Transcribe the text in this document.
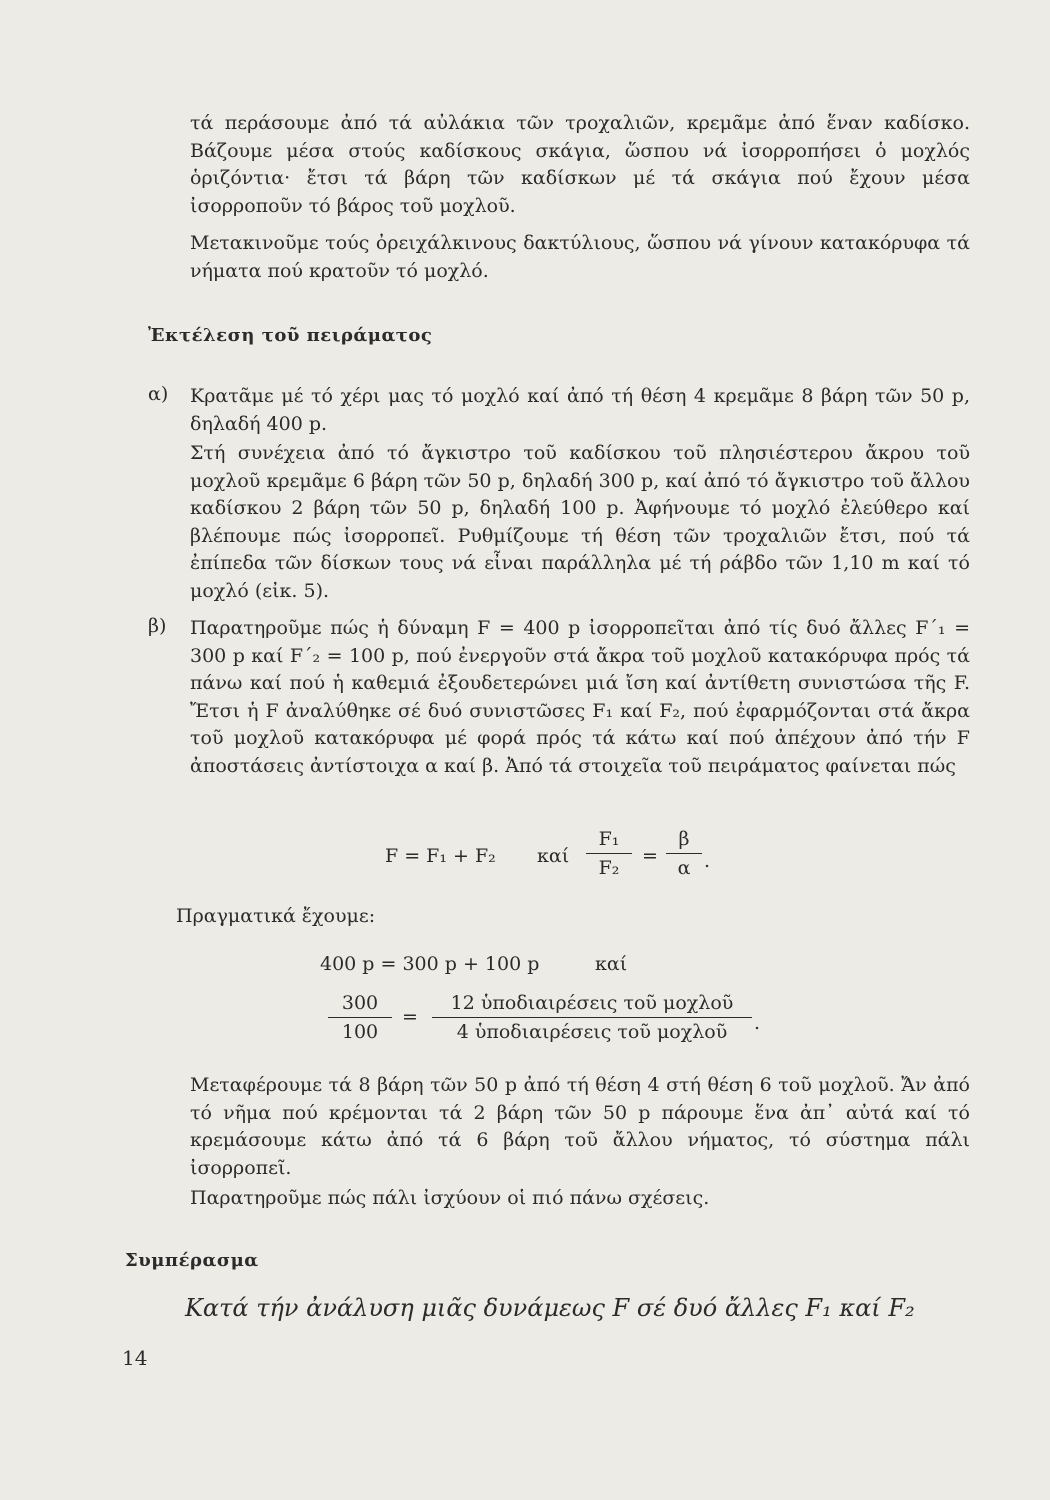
τά περάσουμε ἀπό τά αὐλάκια τῶν τροχαλιῶν, κρεμᾶμε ἀπό ἕναν καδίσκο. Βάζουμε μέσα στούς καδίσκους σκάγια, ὥσπου νά ἰσορροπήσει ὁ μοχλός ὁριζόντια· ἔτσι τά βάρη τῶν καδίσκων μέ τά σκάγια πού ἔχουν μέσα ἰσορροποῦν τό βάρος τοῦ μοχλοῦ.
Μετακινοῦμε τούς ὀρειχάλκινους δακτύλιους, ὥσπου νά γίνουν κατακόρυφα τά νήματα πού κρατοῦν τό μοχλό.
Ἐκτέλεση τοῦ πειράματος
α) Κρατᾶμε μέ τό χέρι μας τό μοχλό καί ἀπό τή θέση 4 κρεμᾶμε 8 βάρη τῶν 50 p, δηλαδή 400 p.
Στή συνέχεια ἀπό τό ἄγκιστρο τοῦ καδίσκου τοῦ πλησιέστερου ἄκρου τοῦ μοχλοῦ κρεμᾶμε 6 βάρη τῶν 50 p, δηλαδή 300 p, καί ἀπό τό ἄγκιστρο τοῦ ἄλλου καδίσκου 2 βάρη τῶν 50 p, δηλαδή 100 p. Ἀφήνουμε τό μοχλό ἐλεύθερο καί βλέπουμε πώς ἰσορροπεῖ. Ρυθμίζουμε τή θέση τῶν τροχαλιῶν ἔτσι, πού τά ἐπίπεδα τῶν δίσκων τους νά εἶναι παράλληλα μέ τή ράβδο τῶν 1,10 m καί τό μοχλό (εἰκ. 5).
β) Παρατηροῦμε πώς ἡ δύναμη F = 400 p ἰσορροπεῖται ἀπό τίς δυό ἄλλες F΄₁ = 300 p καί F΄₂ = 100 p, πού ἐνεργοῦν στά ἄκρα τοῦ μοχλοῦ κατακόρυφα πρός τά πάνω καί πού ἡ καθεμιά ἐξουδετερώνει μιά ἴση καί ἀντίθετη συνιστώσα τῆς F. Ἔτσι ἡ F ἀναλύθηκε σέ δυό συνιστῶσες F₁ καί F₂, πού ἐφαρμόζονται στά ἄκρα τοῦ μοχλοῦ κατακόρυφα μέ φορά πρός τά κάτω καί πού ἀπέχουν ἀπό τήν F ἀποστάσεις ἀντίστοιχα α καί β. Ἀπό τά στοιχεῖα τοῦ πειράματος φαίνεται πώς
F = F₁ + F₂ καί $\frac{\text{F₁}}{\text{F₂}} = \frac{\beta}{\alpha}$ .
Πραγματικά ἔχουμε:
400 p = 300 p + 100 p	καί
$\frac{300}{100}$ =
12 ὑποδιαιρέσεις τοῦ μοχλοῦ
4 ὑποδιαιρέσεις τοῦ μοχλοῦ	.
Μεταφέρουμε τά 8 βάρη τῶν 50 p ἀπό τή θέση 4 στή θέση 6 τοῦ μοχλοῦ. Ἄν ἀπό τό νῆμα πού κρέμονται τά 2 βάρη τῶν 50 p πάρουμε ἕνα ἀπ᾿ αὐτά καί τό κρεμάσουμε κάτω ἀπό τά 6 βάρη τοῦ ἄλλου νήματος, τό σύστημα πάλι ἰσορροπεῖ.
Παρατηροῦμε πώς πάλι ἰσχύουν οἱ πιό πάνω σχέσεις.
Συμπέρασμα
Κατά τήν ἀνάλυση μιᾶς δυνάμεως F σέ δυό ἄλλες F₁ καί F₂
14
